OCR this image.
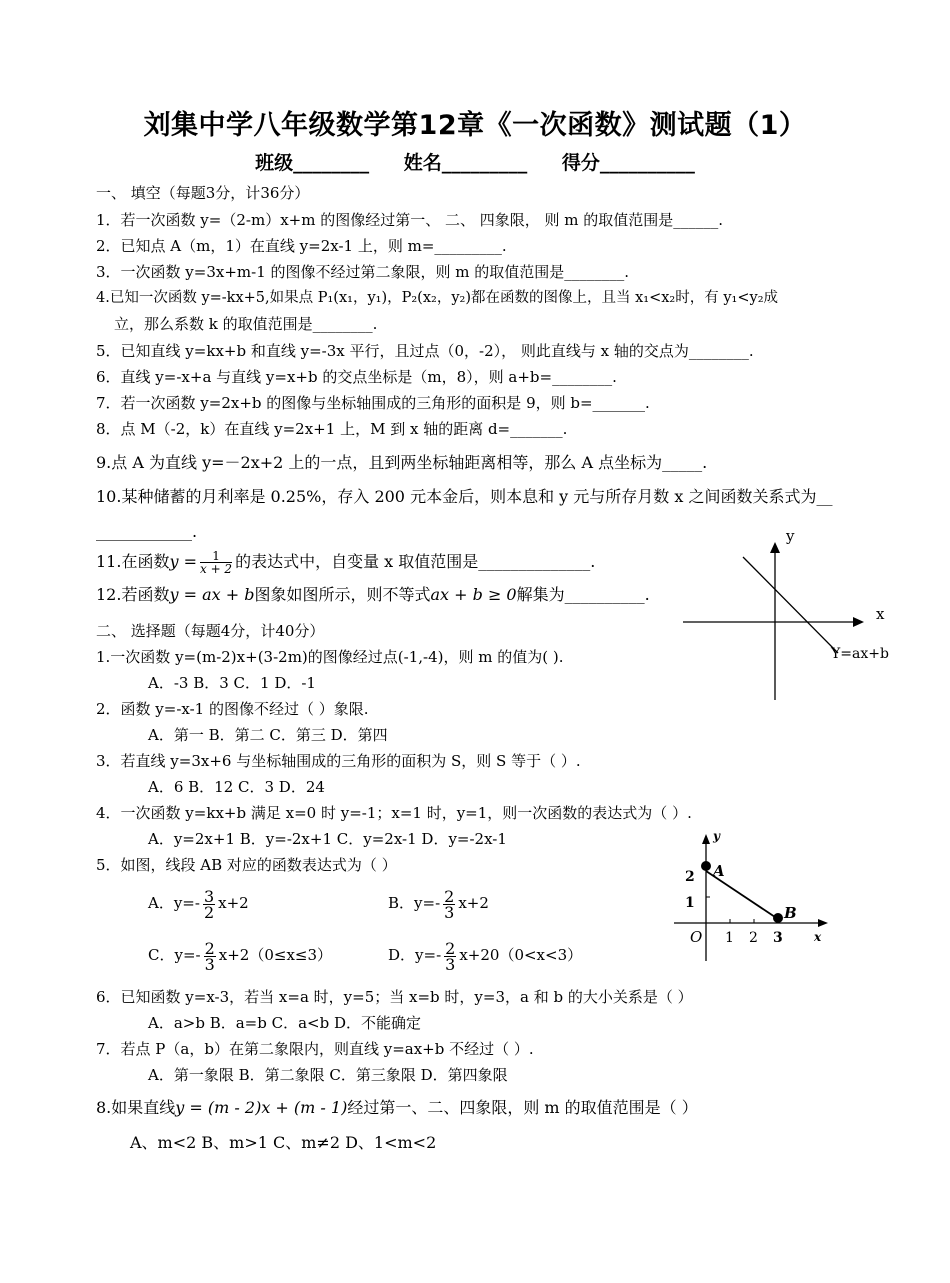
刘集中学八年级数学第12章《一次函数》测试题（1）
班级________ 姓名_________ 得分__________
一、 填空（每题3分，计36分）
1．若一次函数 y=（2-m）x+m 的图像经过第一、 二、 四象限， 则 m 的取值范围是______.
2．已知点 A（m，1）在直线 y=2x-1 上，则 m=_________.
3．一次函数 y=3x+m-1 的图像不经过第二象限，则 m 的取值范围是________.
4.已知一次函数 y=-kx+5,如果点 P₁(x₁，y₁)，P₂(x₂，y₂)都在函数的图像上，且当 x₁<x₂时，有 y₁<y₂成
立，那么系数 k 的取值范围是________.
5．已知直线 y=kx+b 和直线 y=-3x 平行，且过点（0，-2）， 则此直线与 x 轴的交点为________.
6．直线 y=-x+a 与直线 y=x+b 的交点坐标是（m，8），则 a+b=________.
7．若一次函数 y=2x+b 的图像与坐标轴围成的三角形的面积是 9，则 b=_______.
8．点 M（-2，k）在直线 y=2x+1 上，M 到 x 轴的距离 d=_______.
9.点 A 为直线 y=－2x+2 上的一点，且到两坐标轴距离相等，那么 A 点坐标为_____.
10.某种储蓄的月利率是 0.25%，存入 200 元本金后，则本息和 y 元与所存月数 x 之间函数关系式为__
____________.
11.在函数$y = \frac{1}{x + 2}$ 的表达式中，自变量 x 取值范围是______________.
12.若函数y = ax + b图象如图所示，则不等式ax + b ≥ 0解集为__________.
y
x
Y=ax+b
二、 选择题（每题4分，计40分）
1.一次函数 y=(m-2)x+(3-2m)的图像经过点(-1,-4)，则 m 的值为( ).
A．-3 B．3 C．1 D．-1
2．函数 y=-x-1 的图像不经过（ ）象限.
A．第一 B．第二 C．第三 D．第四
3．若直线 y=3x+6 与坐标轴围成的三角形的面积为 S，则 S 等于（ ）.
A．6 B．12 C．3 D．24
4．一次函数 y=kx+b 满足 x=0 时 y=-1；x=1 时，y=1，则一次函数的表达式为（ ）.
A．y=2x+1 B．y=-2x+1 C．y=2x-1 D．y=-2x-1
5．如图，线段 AB 对应的函数表达式为（ ）
A．$y=- \frac{3}{2} x+2$	B．$y=- \frac{2}{3} x+2$
C．$y=- \frac{2}{3} x+2(0\le x\le 3)$	D．$y=- \frac{2}{3} x+20(0<x<3)$
y
x
O
A
B
2
1
1 2 3
6．已知函数 y=x-3，若当 x=a 时，y=5；当 x=b 时，y=3，a 和 b 的大小关系是（ ）
A．a>b B．a=b C．a<b D．不能确定
7．若点 P（a，b）在第二象限内，则直线 y=ax+b 不经过（ ）.
A．第一象限 B．第二象限 C．第三象限 D．第四象限
8.如果直线y = (m - 2)x + (m - 1)经过第一、二、四象限，则 m 的取值范围是（ ）
A、m<2 B、m>1 C、m≠2 D、1<m<2
